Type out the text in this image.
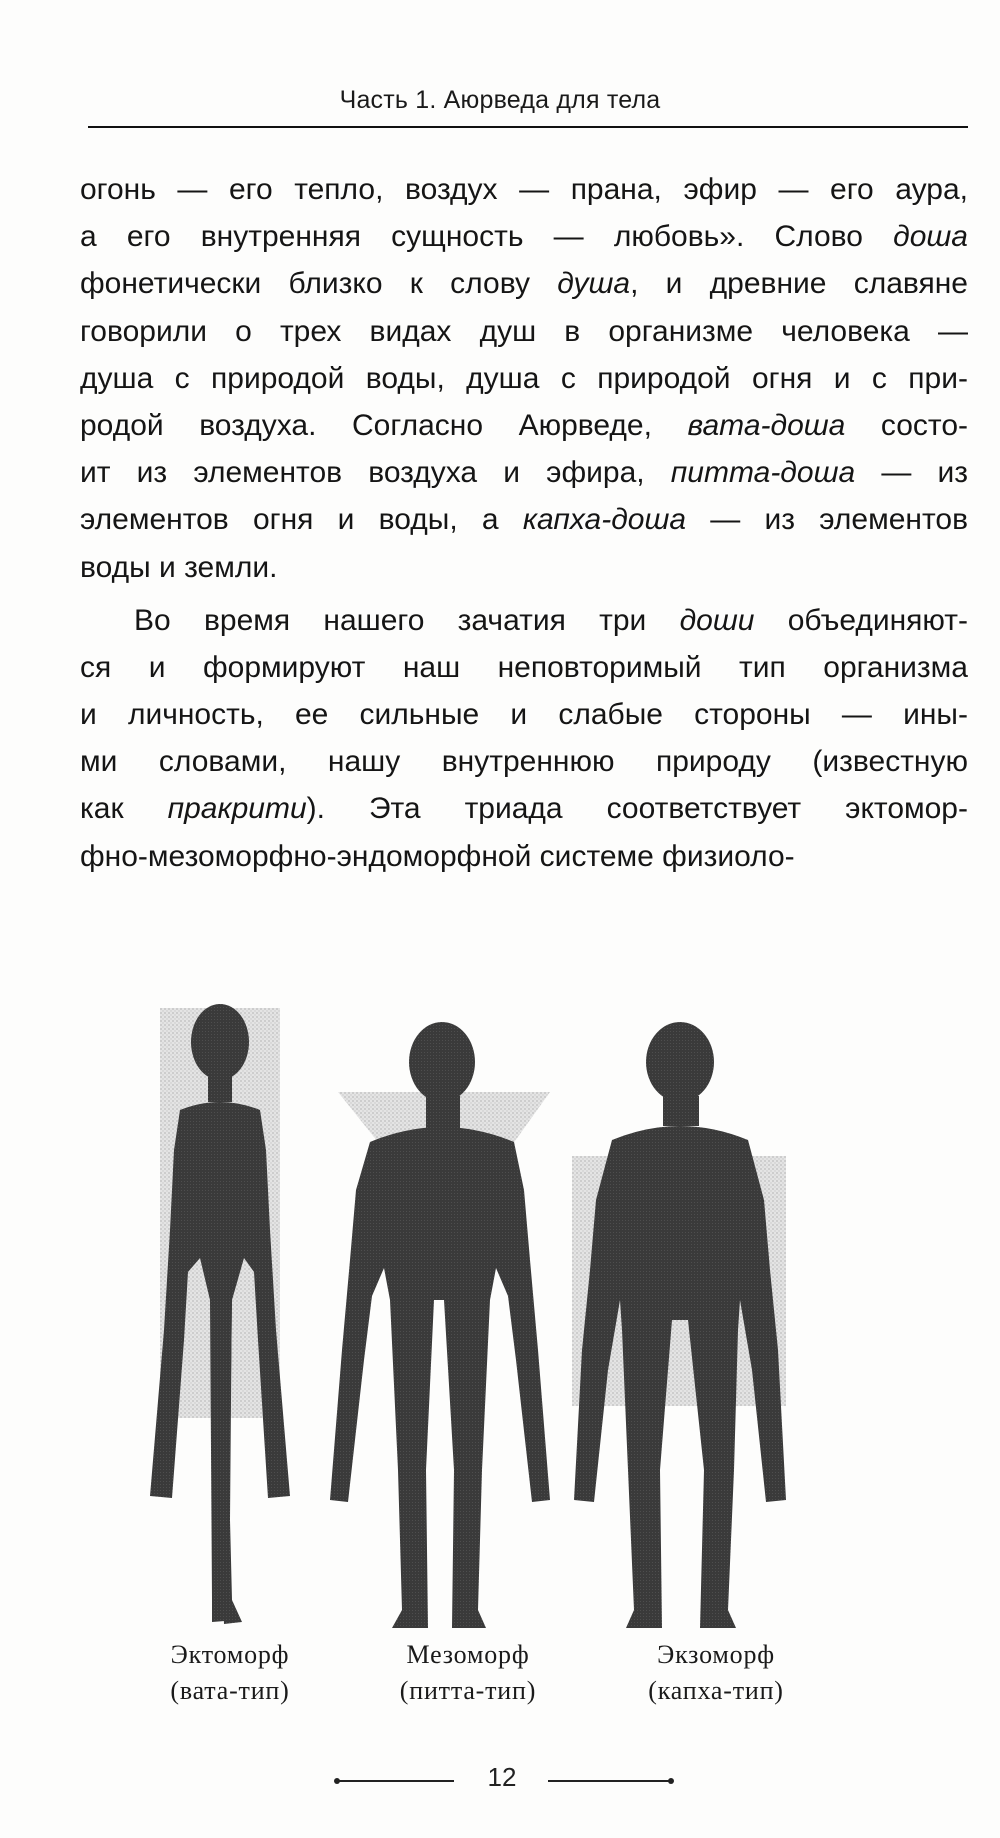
Часть 1. Аюрведа для тела

огонь — его тепло, воздух — прана, эфир — его аура,
а его внутренняя сущность — любовь». Слово доша
фонетически близко к слову душа, и древние славяне
говорили о трех видах душ в организме человека —
душа с природой воды, душа с природой огня и с при-
родой воздуха. Согласно Аюрведе, вата-доша состо-
ит из элементов воздуха и эфира, питта-доша — из
элементов огня и воды, а капха-доша — из элементов
воды и земли.

Во время нашего зачатия три доши объединяют-
ся и формируют наш неповторимый тип организма
и личность, ее сильные и слабые стороны — ины-
ми словами, нашу внутреннюю природу (известную
как пракрити). Эта триада соответствует эктомор-
фно-мезоморфно-эндоморфной системе физиоло-

Эктоморф
(вата-тип)
Мезоморф
(питта-тип)
Экзоморф
(капха-тип)
12
